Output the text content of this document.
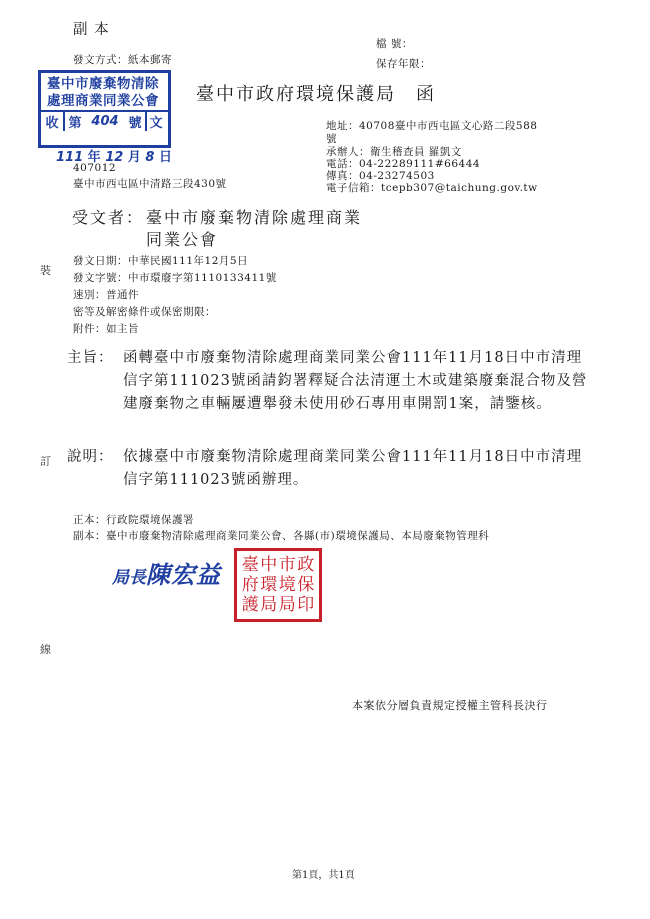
副 本
檔 號：
保存年限：
發文方式：紙本郵寄
臺中市廢棄物清除
處理商業同業公會
收 第 404 號 文
111 年 12 月 8 日
臺中市政府環境保護局　函
407012
臺中市西屯區中清路三段430號
地址：40708臺中市西屯區文心路二段588
號
承辦人：衛生稽查員 羅凱文
電話：04-22289111#66444
傳真：04-23274503
電子信箱：tcepb307@taichung.gov.tw
受文者： 臺中市廢棄物清除處理商業
同業公會
發文日期：中華民國111年12月5日
發文字號：中市環廢字第1110133411號
速別：普通件
密等及解密條件或保密期限：
附件：如主旨
裝
訂
線
主旨： 函轉臺中市廢棄物清除處理商業同業公會111年11月18日中市清理信字第111023號函請鈞署釋疑合法清運土木或建築廢棄混合物及營建廢棄物之車輛屢遭舉發未使用砂石專用車開罰1案，請鑒核。
說明： 依據臺中市廢棄物清除處理商業同業公會111年11月18日中市清理信字第111023號函辦理。
正本：行政院環境保護署
副本：臺中市廢棄物清除處理商業同業公會、各縣(市)環境保護局、本局廢棄物管理科
局長陳宏益 臺 中 市 政
府 環 境 保
護 局 局 印
本案依分層負責規定授權主管科長決行
第1頁，共1頁
